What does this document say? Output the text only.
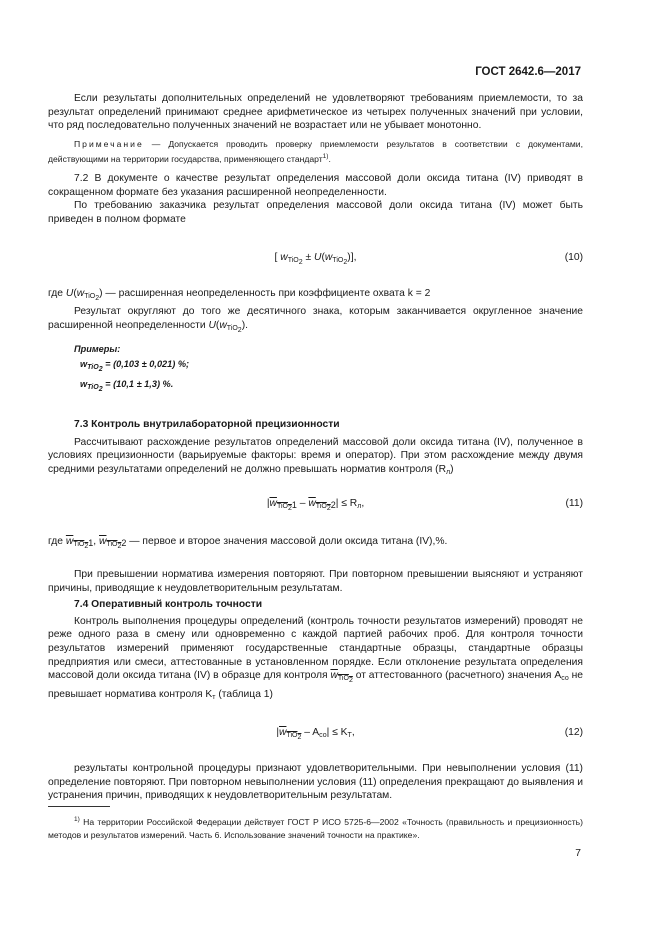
ГОСТ 2642.6—2017

Если результаты дополнительных определений не удовлетворяют требованиям приемлемости, то за результат определений принимают среднее арифметическое из четырех полученных значений при условии, что ряд последовательно полученных значений не возрастает или не убывает монотонно.

Примечание — Допускается проводить проверку приемлемости результатов в соответствии с документами, действующими на территории государства, применяющего стандарт$^{1)}$.

7.2 В документе о качестве результат определения массовой доли оксида титана (IV) приводят в сокращенном формате без указания расширенной неопределенности.

По требованию заказчика результат определения массовой доли оксида титана (IV) может быть приведен в полном формате

[ $w_{TiO_2} \pm U(w_{TiO_2})$],	(10)

где $U(w_{TiO_2})$ — расширенная неопределенность при коэффициенте охвата k = 2

Результат округляют до того же десятичного знака, которым заканчивается округленное значение расширенной неопределенности $U(w_{TiO_2})$.

Примеры:
$w_{TiO_2} = (0,103 \pm 0,021)$ %;
$w_{TiO_2} = (10,1 \pm 1,3)$ %.
7.3 Контроль внутрилабораторной прецизионности

Рассчитывают расхождение результатов определений массовой доли оксида титана (IV), полученное в условиях прецизионности (варьируемые факторы: время и оператор). При этом расхождение между двумя средними результатами определений не должно превышать норматив контроля $(R_л)$

$|w_{TiO_21} - w_{TiO_22}| \le R_л$,	(11)

где $w_{TiO_21}$, $w_{TiO_22}$ — первое и второе значения массовой доли оксида титана (IV),%.

При превышении норматива измерения повторяют. При повторном превышении выясняют и устраняют причины, приводящие к неудовлетворительным результатам.

7.4 Оперативный контроль точности

Контроль выполнения процедуры определений (контроль точности результатов измерений) проводят не реже одного раза в смену или одновременно с каждой партией рабочих проб. Для контроля точности результатов измерений применяют государственные стандартные образцы, стандартные образцы предприятия или смеси, аттестованные в установленном порядке. Если отклонение результата определения массовой доли оксида титана (IV) в образце для контроля $w_{TiO_2}$ от аттестованного (расчетного) значения $A_{со}$ не превышает норматива контроля $K_т$ (таблица 1)

$|w_{TiO_2} - A_{со}| \le K_Т$,	(12)

результаты контрольной процедуры признают удовлетворительными. При невыполнении условия (11) определение повторяют. При повторном невыполнении условия (11) определения прекращают до выявления и устранения причин, приводящих к неудовлетворительным результатам.

$^{1)}$ На территории Российской Федерации действует ГОСТ Р ИСО 5725-6—2002 «Точность (правильность и прецизионность) методов и результатов измерений. Часть 6. Использование значений точности на практике».
7
